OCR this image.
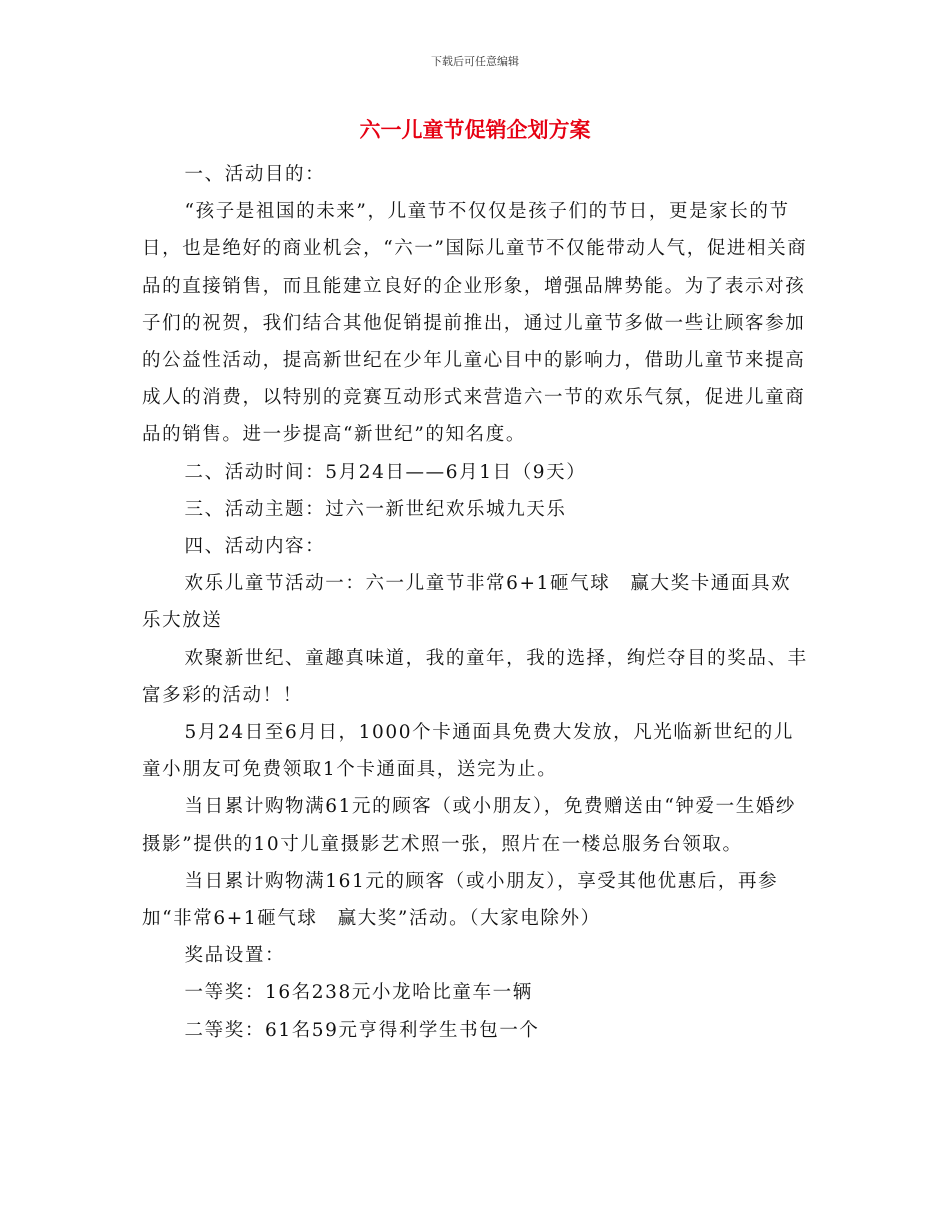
下载后可任意编辑
六一儿童节促销企划方案

一、活动目的：

“孩子是祖国的未来”，儿童节不仅仅是孩子们的节日，更是家长的节日，也是绝好的商业机会，“六一”国际儿童节不仅能带动人气，促进相关商品的直接销售，而且能建立良好的企业形象，增强品牌势能。为了表示对孩子们的祝贺，我们结合其他促销提前推出，通过儿童节多做一些让顾客参加的公益性活动，提高新世纪在少年儿童心目中的影响力，借助儿童节来提高成人的消费，以特别的竞赛互动形式来营造六一节的欢乐气氛，促进儿童商品的销售。进一步提高“新世纪”的知名度。

二、活动时间：5月24日——6月1日（9天）

三、活动主题：过六一新世纪欢乐城九天乐

四、活动内容：

欢乐儿童节活动一：六一儿童节非常6+1砸气球　赢大奖卡通面具欢乐大放送

欢聚新世纪、童趣真味道，我的童年，我的选择，绚烂夺目的奖品、丰富多彩的活动！！

5月24日至6月日，1000个卡通面具免费大发放，凡光临新世纪的儿童小朋友可免费领取1个卡通面具，送完为止。

当日累计购物满61元的顾客（或小朋友），免费赠送由“钟爱一生婚纱摄影”提供的10寸儿童摄影艺术照一张，照片在一楼总服务台领取。

当日累计购物满161元的顾客（或小朋友），享受其他优惠后，再参加“非常6+1砸气球　赢大奖”活动。（大家电除外）

奖品设置：

一等奖：16名238元小龙哈比童车一辆

二等奖：61名59元亨得利学生书包一个
